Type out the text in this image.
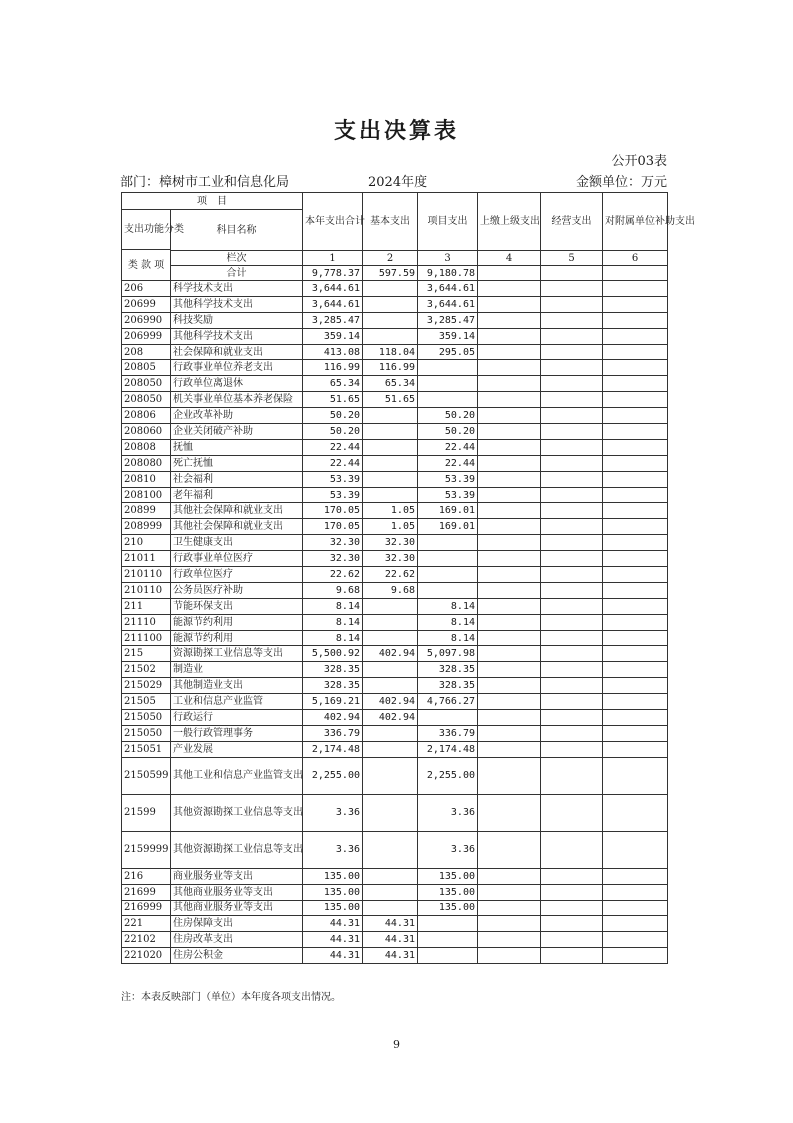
支出决算表
公开03表
部门：樟树市工业和信息化局	2024年度	金额单位：万元
项　目		本年支出合计	基本支出	项目支出	上缴上级支出	经营支出	对附属单位补助支出
支出功能分类	科目名称						
类 款 项							
	栏次	1	2	3	4	5	6
	合计	9,778.37	597.59	9,180.78			
206	科学技术支出	3,644.61		3,644.61			
20699	其他科学技术支出	3,644.61		3,644.61			
206990	科技奖励	3,285.47		3,285.47			
206999	其他科学技术支出	359.14		359.14			
208	社会保障和就业支出	413.08	118.04	295.05			
20805	行政事业单位养老支出	116.99	116.99				
208050	行政单位离退休	65.34	65.34				
208050	机关事业单位基本养老保险	51.65	51.65				
20806	企业改革补助	50.20		50.20			
208060	企业关闭破产补助	50.20		50.20			
20808	抚恤	22.44		22.44			
208080	死亡抚恤	22.44		22.44			
20810	社会福利	53.39		53.39			
208100	老年福利	53.39		53.39			
20899	其他社会保障和就业支出	170.05	1.05	169.01			
208999	其他社会保障和就业支出	170.05	1.05	169.01			
210	卫生健康支出	32.30	32.30				
21011	行政事业单位医疗	32.30	32.30				
210110	行政单位医疗	22.62	22.62				
210110	公务员医疗补助	9.68	9.68				
211	节能环保支出	8.14		8.14			
21110	能源节约利用	8.14		8.14			
211100	能源节约利用	8.14		8.14			
215	资源勘探工业信息等支出	5,500.92	402.94	5,097.98			
21502	制造业	328.35		328.35			
215029	其他制造业支出	328.35		328.35			
21505	工业和信息产业监管	5,169.21	402.94	4,766.27			
215050	行政运行	402.94	402.94				
215050	一般行政管理事务	336.79		336.79			
215051	产业发展	2,174.48		2,174.48			
2150599	其他工业和信息产业监管支出	2,255.00		2,255.00			
21599	其他资源勘探工业信息等支出	3.36		3.36			
2159999	其他资源勘探工业信息等支出	3.36		3.36			
216	商业服务业等支出	135.00		135.00			
21699	其他商业服务业等支出	135.00		135.00			
216999	其他商业服务业等支出	135.00		135.00			
221	住房保障支出	44.31	44.31				
22102	住房改革支出	44.31	44.31				
221020	住房公积金	44.31	44.31				
注：本表反映部门（单位）本年度各项支出情况。
9
